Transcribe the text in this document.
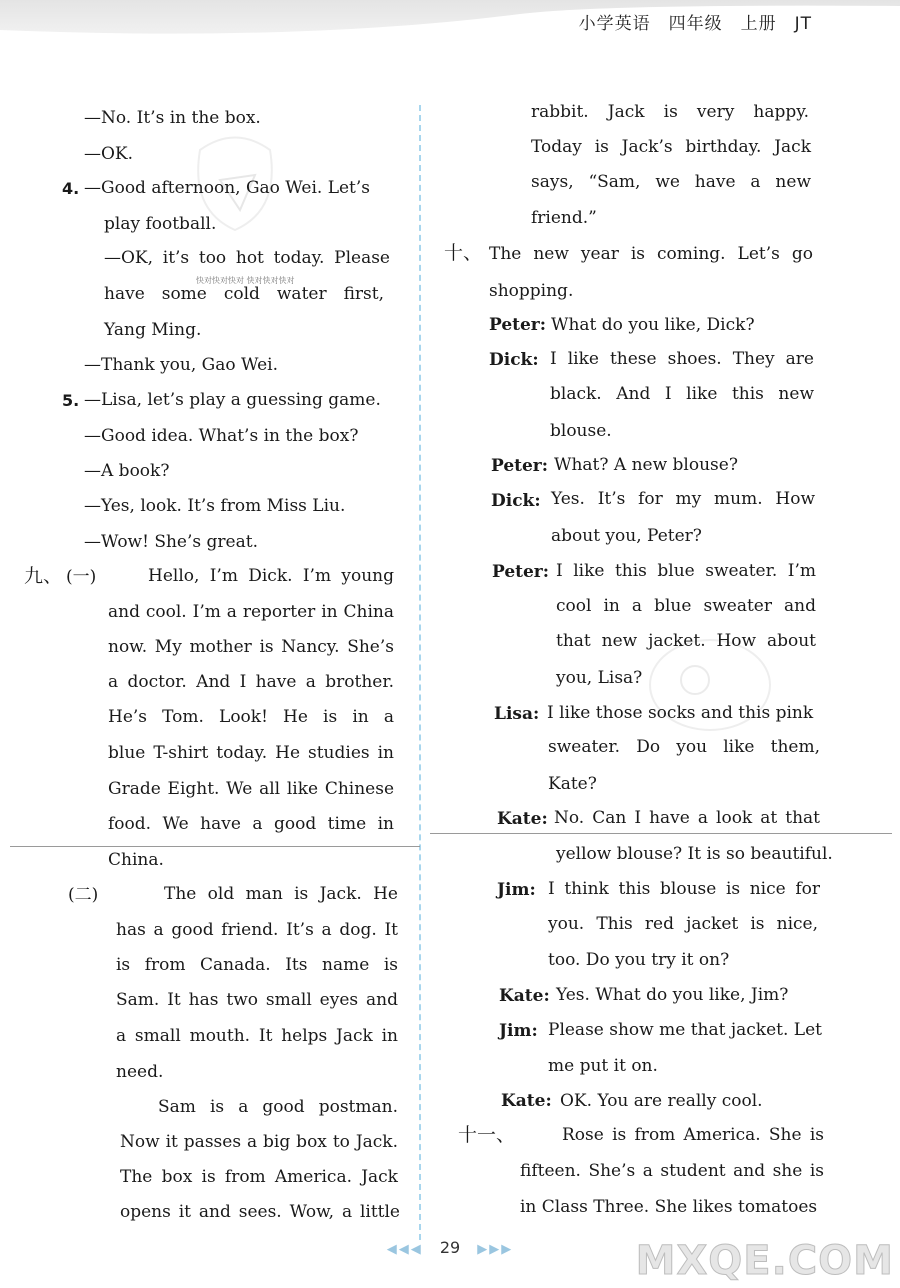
小学英语　四年级　上册　JT
快对快对快对 快对快对快对
—No. It’s in the box.
—OK.
4. —Good afternoon, Gao Wei. Let’s
play football.
—OK, it’s too hot today. Please
have some cold water first,
Yang Ming.
—Thank you, Gao Wei.
5. —Lisa, let’s play a guessing game.
—Good idea. What’s in the box?
—A book?
—Yes, look. It’s from Miss Liu.
—Wow! She’s great.
九、 (一)	Hello, I’m Dick. I’m young
and cool. I’m a reporter in China
now. My mother is Nancy. She’s
a doctor. And I have a brother.
He’s Tom. Look! He is in a
blue T-shirt today. He studies in
Grade Eight. We all like Chinese
food. We have a good time in
China.
(二)	The old man is Jack. He
has a good friend. It’s a dog. It
is from Canada. Its name is
Sam. It has two small eyes and
a small mouth. It helps Jack in
need.
Sam is a good postman.
Now it passes a big box to Jack.
The box is from America. Jack
opens it and sees. Wow, a little
rabbit. Jack is very happy.
Today is Jack’s birthday. Jack
says, “Sam, we have a new
friend.”
十、 The new year is coming. Let’s go
shopping.
Peter: What do you like, Dick?
Dick: I like these shoes. They are
black. And I like this new
blouse.
Peter: What? A new blouse?
Dick: Yes. It’s for my mum. How
about you, Peter?
Peter: I like this blue sweater. I’m
cool in a blue sweater and
that new jacket. How about
you, Lisa?
Lisa: I like those socks and this pink
sweater. Do you like them,
Kate?
Kate: No. Can I have a look at that
yellow blouse? It is so beautiful.
Jim: I think this blouse is nice for
you. This red jacket is nice,
too. Do you try it on?
Kate: Yes. What do you like, Jim?
Jim: Please show me that jacket. Let
me put it on.
Kate: OK. You are really cool.
十一、	Rose is from America. She is
fifteen. She’s a student and she is
in Class Three. She likes tomatoes
MXQE.COM
◀◀◀ 29 ▶▶▶
